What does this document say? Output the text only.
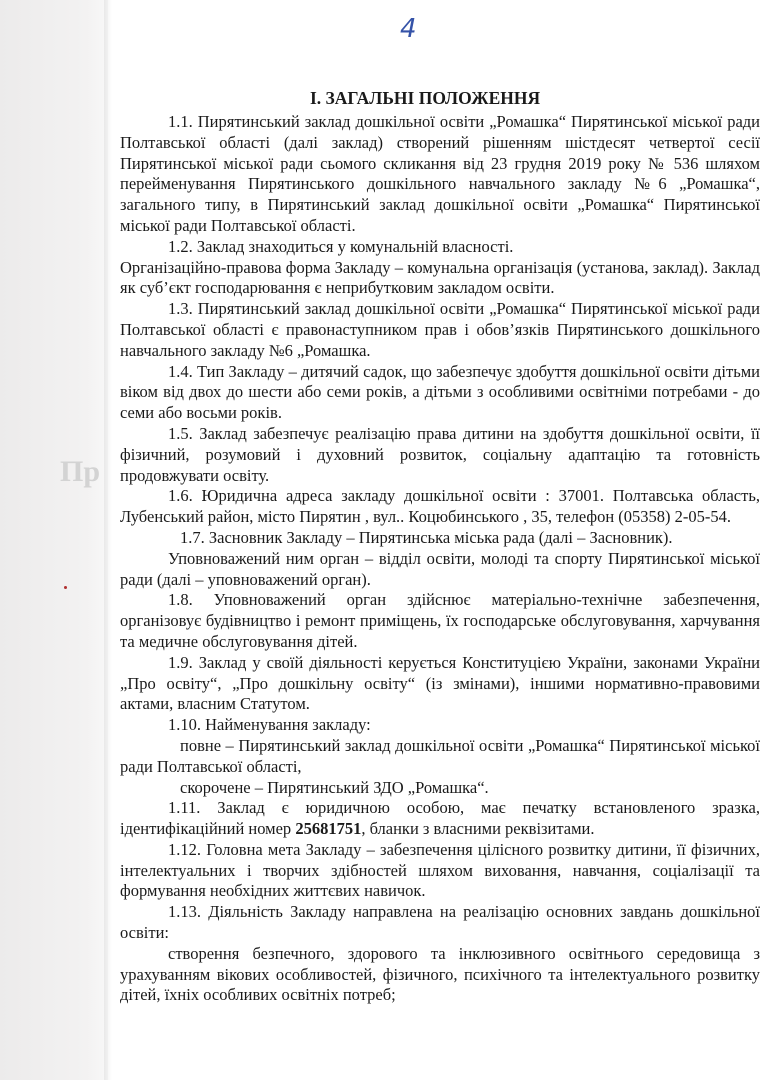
Пр
4
I. ЗАГАЛЬНІ ПОЛОЖЕННЯ

1.1. Пирятинський заклад дошкільної освіти „Ромашка“ Пирятинської міської ради Полтавської області (далі заклад) створений рішенням шістдесят четвертої сесії Пирятинської міської ради сьомого скликання від 23 грудня 2019 року № 536 шляхом перейменування Пирятинського дошкільного навчального закладу №6 „Ромашка“, загального типу, в Пирятинський заклад дошкільної освіти „Ромашка“ Пирятинської міської ради Полтавської області.

1.2. Заклад знаходиться у комунальній власності.

Організаційно-правова форма Закладу – комунальна організація (установа, заклад). Заклад як суб’єкт господарювання є неприбутковим закладом освіти.

1.3. Пирятинський заклад дошкільної освіти „Ромашка“ Пирятинської міської ради Полтавської області є правонаступником прав і обов’язків Пирятинського дошкільного навчального закладу №6 „Ромашка.

1.4. Тип Закладу – дитячий садок, що забезпечує здобуття дошкільної освіти дітьми віком від двох до шести або семи років, а дітьми з особливими освітніми потребами - до семи або восьми років.

1.5. Заклад забезпечує реалізацію права дитини на здобуття дошкільної освіти, її фізичний, розумовий і духовний розвиток, соціальну адаптацію та готовність продовжувати освіту.

1.6. Юридична адреса закладу дошкільної освіти : 37001. Полтавська область, Лубенський район, місто Пирятин , вул.. Коцюбинського , 35, телефон (05358) 2-05-54.

1.7. Засновник Закладу – Пирятинська міська рада (далі – Засновник).

Уповноважений ним орган – відділ освіти, молоді та спорту Пирятинської міської ради (далі – уповноважений орган).

1.8. Уповноважений орган здійснює матеріально-технічне забезпечення, організовує будівництво і ремонт приміщень, їх господарське обслуговування, харчування та медичне обслуговування дітей.

1.9. Заклад у своїй діяльності керується Конституцією України, законами України „Про освіту“, „Про дошкільну освіту“ (із змінами), іншими нормативно-правовими актами, власним Статутом.

1.10. Найменування закладу:

повне – Пирятинський заклад дошкільної освіти „Ромашка“ Пирятинської міської ради Полтавської області,

скорочене – Пирятинський ЗДО „Ромашка“.

1.11. Заклад є юридичною особою, має печатку встановленого зразка, ідентифікаційний номер 25681751, бланки з власними реквізитами.

1.12. Головна мета Закладу – забезпечення цілісного розвитку дитини, її фізичних, інтелектуальних і творчих здібностей шляхом виховання, навчання, соціалізації та формування необхідних життєвих навичок.

1.13. Діяльність Закладу направлена на реалізацію основних завдань дошкільної освіти:

створення безпечного, здорового та інклюзивного освітнього середовища з урахуванням вікових особливостей, фізичного, психічного та інтелектуального розвитку дітей, їхніх особливих освітніх потреб;
